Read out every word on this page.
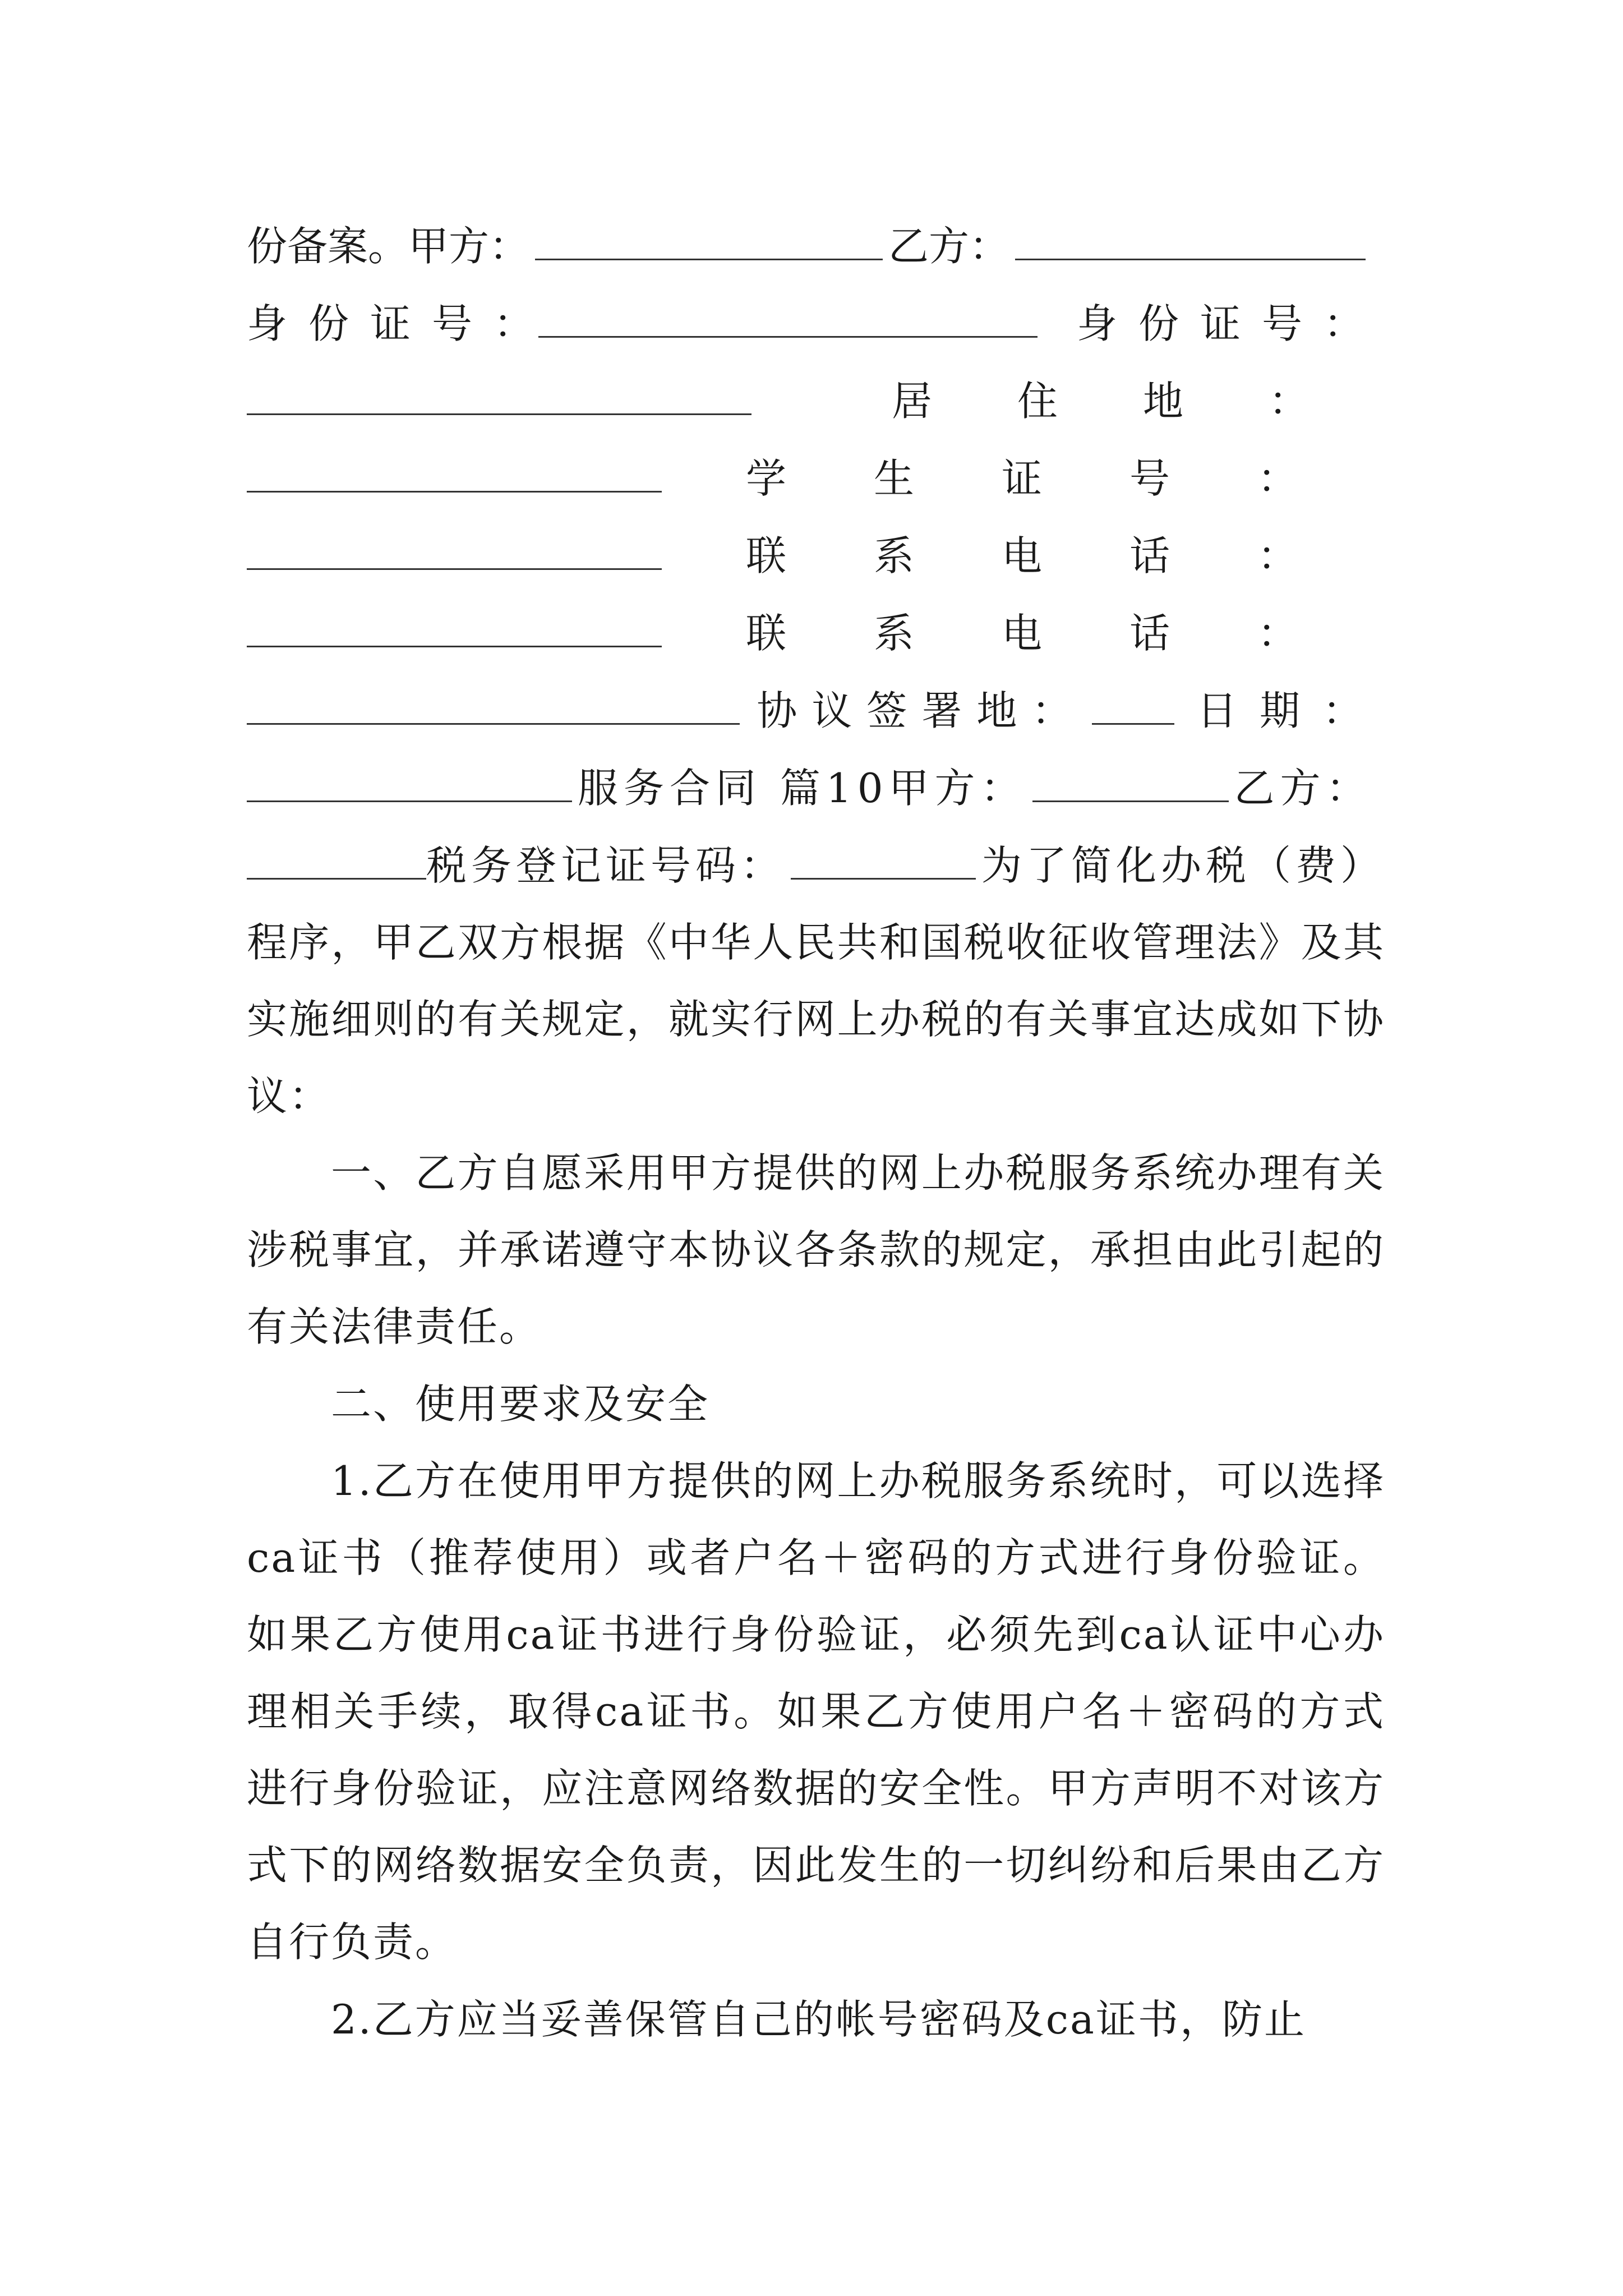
份备案。甲方：	乙方：
身份证号：	身份证号：
居住地：
学生证号：
联系电话：
联系电话：
协议签署地：	日期：
服务合同 篇10甲方：	乙方：
税务登记证号码：	为了简化办税（费）
程序，甲乙双方根据《中华人民共和国税收征收管理法》及其实施细则的有关规定，就实行网上办税的有关事宜达成如下协议：
一、乙方自愿采用甲方提供的网上办税服务系统办理有关涉税事宜，并承诺遵守本协议各条款的规定，承担由此引起的有关法律责任。
二、使用要求及安全
1.乙方在使用甲方提供的网上办税服务系统时，可以选择ca证书（推荐使用）或者户名＋密码的方式进行身份验证。如果乙方使用ca证书进行身份验证，必须先到ca认证中心办理相关手续，取得ca证书。如果乙方使用户名＋密码的方式进行身份验证，应注意网络数据的安全性。甲方声明不对该方式下的网络数据安全负责，因此发生的一切纠纷和后果由乙方自行负责。
2.乙方应当妥善保管自己的帐号密码及ca证书，防止
